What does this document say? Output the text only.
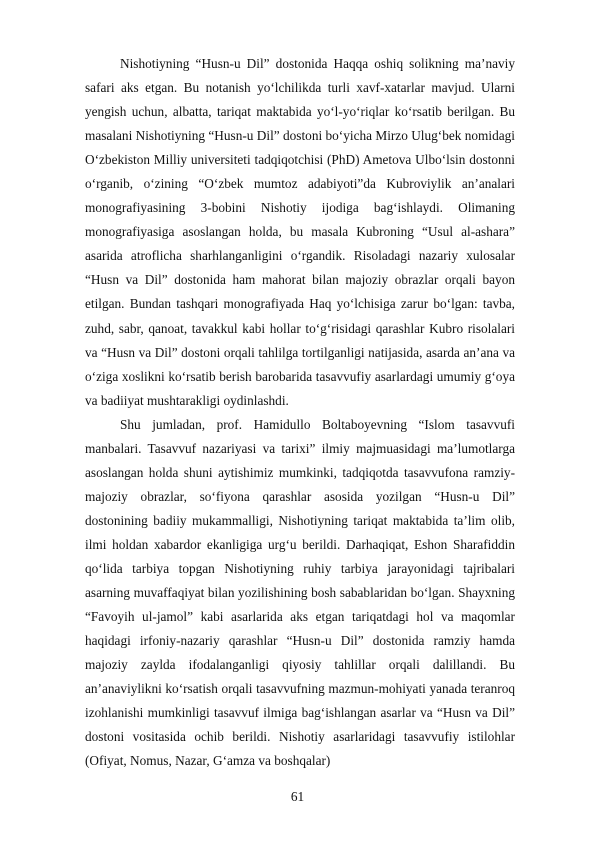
Nishotiyning “Husn-u Dil” dostonida Haqqa oshiq solikning ma’naviy safari aks etgan. Bu notanish yo‘lchilikda turli xavf-xatarlar mavjud. Ularni yengish uchun, albatta, tariqat maktabida yo‘l-yo‘riqlar ko‘rsatib berilgan. Bu masalani Nishotiyning “Husn-u Dil” dostoni bo‘yicha Mirzo Ulug‘bek nomidagi O‘zbekiston Milliy universiteti tadqiqotchisi (PhD) Ametova Ulbo‘lsin dostonni o‘rganib, o‘zining “O‘zbek mumtoz adabiyoti”da Kubroviylik an’analari monografiyasining 3-bobini Nishotiy ijodiga bag‘ishlaydi. Olimaning monografiyasiga asoslangan holda, bu masala Kubroning “Usul al-ashara” asarida atroflicha sharhlanganligini o‘rgandik. Risoladagi nazariy xulosalar “Husn va Dil” dostonida ham mahorat bilan majoziy obrazlar orqali bayon etilgan. Bundan tashqari monografiyada Haq yo‘lchisiga zarur bo‘lgan: tavba, zuhd, sabr, qanoat, tavakkul kabi hollar to‘g‘risidagi qarashlar Kubro risolalari va “Husn va Dil” dostoni orqali tahlilga tortilganligi natijasida, asarda an’ana va o‘ziga xoslikni ko‘rsatib berish barobarida tasavvufiy asarlardagi umumiy g‘oya va badiiyat mushtarakligi oydinlashdi.

Shu jumladan, prof. Hamidullo Boltaboyevning “Islom tasavvufi manbalari. Tasavvuf nazariyasi va tarixi” ilmiy majmuasidagi ma’lumotlarga asoslangan holda shuni aytishimiz mumkinki, tadqiqotda tasavvufona ramziy-majoziy obrazlar, so‘fiyona qarashlar asosida yozilgan “Husn-u Dil” dostonining badiiy mukammalligi, Nishotiyning tariqat maktabida ta’lim olib, ilmi holdan xabardor ekanligiga urg‘u berildi. Darhaqiqat, Eshon Sharafiddin qo‘lida tarbiya topgan Nishotiyning ruhiy tarbiya jarayonidagi tajribalari asarning muvaffaqiyat bilan yozilishining bosh sabablaridan bo‘lgan. Shayxning “Favoyih ul-jamol” kabi asarlarida aks etgan tariqatdagi hol va maqomlar haqidagi irfoniy-nazariy qarashlar “Husn-u Dil” dostonida ramziy hamda majoziy zaylda ifodalanganligi qiyosiy tahlillar orqali dalillandi. Bu an’anaviylikni ko‘rsatish orqali tasavvufning mazmun-mohiyati yanada teranroq izohlanishi mumkinligi tasavvuf ilmiga bag‘ishlangan asarlar va “Husn va Dil” dostoni vositasida ochib berildi. Nishotiy asarlaridagi tasavvufiy istilohlar (Ofiyat, Nomus, Nazar, G‘amza va boshqalar)

61
